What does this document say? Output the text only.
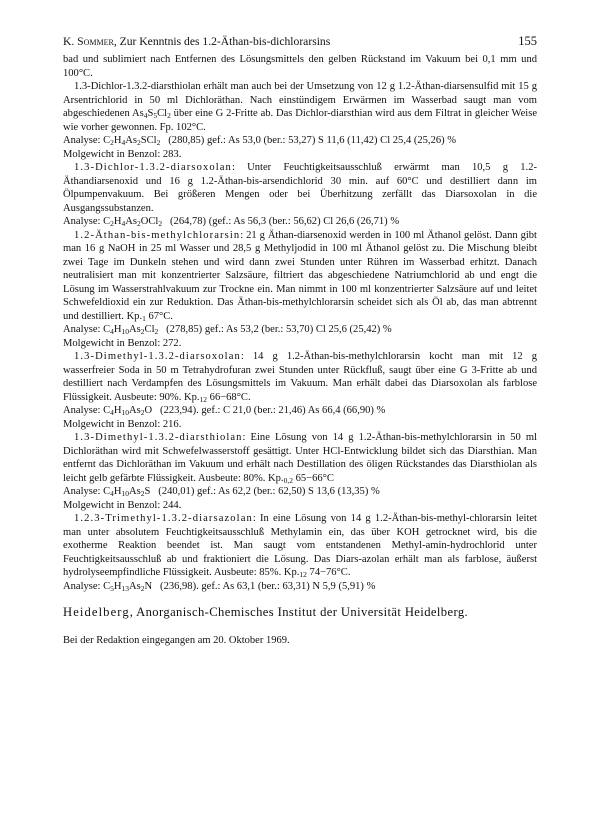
K. Sommer, Zur Kenntnis des 1.2-Äthan-bis-dichlorarsins	155

bad und sublimiert nach Entfernen des Lösungsmittels den gelben Rückstand im Vakuum bei 0,1 mm und 100°C.

1.3-Dichlor-1.3.2-diarsthiolan erhält man auch bei der Umsetzung von 12 g 1.2-Äthan-diarsensulfid mit 15 g Arsentrichlorid in 50 ml Dichloräthan. Nach einstündigem Erwärmen im Wasserbad saugt man vom abgeschiedenen $As_4S_5Cl_2$ über eine G 2-Fritte ab. Das Dichlor-diarsthian wird aus dem Filtrat in gleicher Weise wie vorher gewonnen. Fp. 102°C.

Analyse: $C_2H_4As_2SCl_2$   (280,85) gef.: As 53,0 (ber.: 53,27) S 11,6 (11,42) Cl 25,4 (25,26) %

Molgewicht in Benzol: 283.

1.3-Dichlor-1.3.2-diarsoxolan: Unter Feuchtigkeitsausschluß erwärmt man 10,5 g 1.2-Äthandiarsenoxid und 16 g 1.2-Äthan-bis-arsendichlorid 30 min. auf 60°C und destilliert dann im Ölpumpenvakuum. Bei größeren Mengen oder bei Überhitzung zerfällt das Diarsoxolan in die Ausgangssubstanzen.

Analyse: $C_2H_4As_2OCl_2$   (264,78) (gef.: As 56,3 (ber.: 56,62) Cl 26,6 (26,71) %

1.2-Äthan-bis-methylchlorarsin: 21 g Äthan-diarsenoxid werden in 100 ml Äthanol gelöst. Dann gibt man 16 g NaOH in 25 ml Wasser und 28,5 g Methyljodid in 100 ml Äthanol gelöst zu. Die Mischung bleibt zwei Tage im Dunkeln stehen und wird dann zwei Stunden unter Rühren im Wasserbad erhitzt. Danach neutralisiert man mit konzentrierter Salzsäure, filtriert das abgeschiedene Natriumchlorid ab und engt die Lösung im Wasserstrahlvakuum zur Trockne ein. Man nimmt in 100 ml konzentrierter Salzsäure auf und leitet Schwefeldioxid ein zur Reduktion. Das Äthan-bis-methylchlorarsin scheidet sich als Öl ab, das man abtrennt und destilliert. $Kp._1$ 67°C.

Analyse: $C_4H_{10}As_2Cl_2$   (278,85) gef.: As 53,2 (ber.: 53,70) Cl 25,6 (25,42) %

Molgewicht in Benzol: 272.

1.3-Dimethyl-1.3.2-diarsoxolan: 14 g 1.2-Äthan-bis-methylchlorarsin kocht man mit 12 g wasserfreier Soda in 50 m Tetrahydrofuran zwei Stunden unter Rückfluß, saugt über eine G 3-Fritte ab und destilliert nach Verdampfen des Lösungsmittels im Vakuum. Man erhält dabei das Diarsoxolan als farblose Flüssigkeit. Ausbeute: 90%. $Kp._{12}$ 66−68°C.

Analyse: $C_4H_{10}As_2O$   (223,94). gef.: C 21,0 (ber.: 21,46) As 66,4 (66,90) %

Molgewicht in Benzol: 216.

1.3-Dimethyl-1.3.2-diarsthiolan: Eine Lösung von 14 g 1.2-Äthan-bis-methylchlorarsin in 50 ml Dichloräthan wird mit Schwefelwasserstoff gesättigt. Unter HCl-Entwicklung bildet sich das Diarsthian. Man entfernt das Dichloräthan im Vakuum und erhält nach Destillation des öligen Rückstandes das Diarsthiolan als leicht gelb gefärbte Flüssigkeit. Ausbeute: 80%. $Kp._{0,2}$ 65−66°C

Analyse: $C_4H_{10}As_2S$   (240,01) gef.: As 62,2 (ber.: 62,50) S 13,6 (13,35) %

Molgewicht in Benzol: 244.

1.2.3-Trimethyl-1.3.2-diarsazolan: In eine Lösung von 14 g 1.2-Äthan-bis-methyl-chlorarsin leitet man unter absolutem Feuchtigkeitsausschluß Methylamin ein, das über KOH getrocknet wird, bis die exotherme Reaktion beendet ist. Man saugt vom entstandenen Methyl-amin-hydrochlorid unter Feuchtigkeitsausschluß ab und fraktioniert die Lösung. Das Diars-azolan erhält man als farblose, äußerst hydrolyseempfindliche Flüssigkeit. Ausbeute: 85%. $Kp._{12}$ 74−76°C.

Analyse: $C_5H_{13}As_2N$   (236,98). gef.: As 63,1 (ber.: 63,31) N 5,9 (5,91) %

Heidelberg, Anorganisch-Chemisches Institut der Universität Heidelberg.
Bei der Redaktion eingegangen am 20. Oktober 1969.
